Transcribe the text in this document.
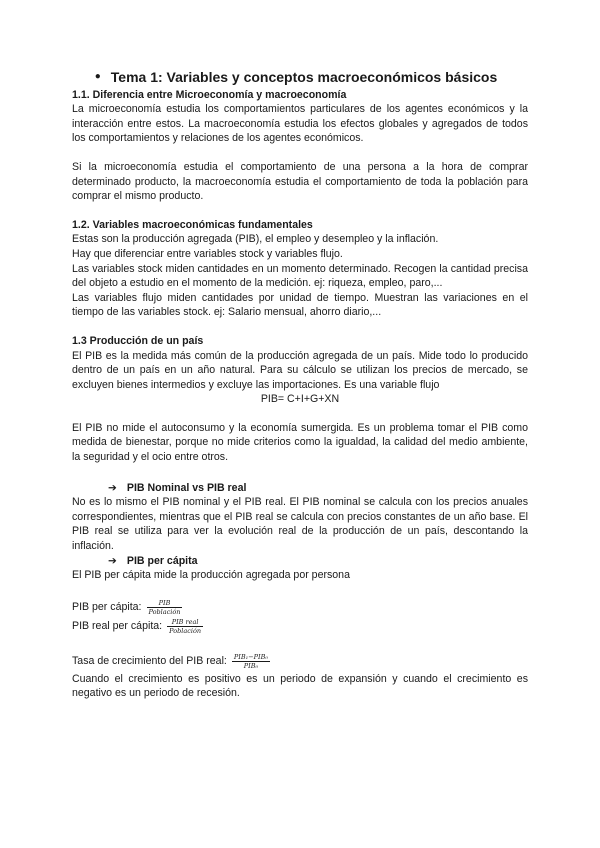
● Tema 1: Variables y conceptos macroeconómicos básicos
1.1. Diferencia entre Microeconomía y macroeconomía

La microeconomía estudia los comportamientos particulares de los agentes económicos y la interacción entre estos. La macroeconomía estudia los efectos globales y agregados de todos los comportamientos y relaciones de los agentes económicos.

Si la microeconomía estudia el comportamiento de una persona a la hora de comprar determinado producto, la macroeconomía estudia el comportamiento de toda la población para comprar el mismo producto.

1.2. Variables macroeconómicas fundamentales

Estas son la producción agregada (PIB), el empleo y desempleo y la inflación.

Hay que diferenciar entre variables stock y variables flujo.

Las variables stock miden cantidades en un momento determinado. Recogen la cantidad precisa del objeto a estudio en el momento de la medición. ej: riqueza, empleo, paro,...

Las variables flujo miden cantidades por unidad de tiempo. Muestran las variaciones en el tiempo de las variables stock. ej: Salario mensual, ahorro diario,...

1.3 Producción de un país

El PIB es la medida más común de la producción agregada de un país. Mide todo lo producido dentro de un país en un año natural. Para su cálculo se utilizan los precios de mercado, se excluyen bienes intermedios y excluye las importaciones. Es una variable flujo

PIB= C+I+G+XN

El PIB no mide el autoconsumo y la economía sumergida. Es un problema tomar el PIB como medida de bienestar, porque no mide criterios como la igualdad, la calidad del medio ambiente, la seguridad y el ocio entre otros.

➔ PIB Nominal vs PIB real

No es lo mismo el PIB nominal y el PIB real. El PIB nominal se calcula con los precios anuales correspondientes, mientras que el PIB real se calcula con precios constantes de un año base. El PIB real se utiliza para ver la evolución real de la producción de un país, descontando la inflación.

➔ PIB per cápita

El PIB per cápita mide la producción agregada por persona

PIB per cápita: $\frac{\text{PIB}}{\text{Población}}$
PIB real per cápita: $\frac{\text{PIB real}}{\text{Población}}$
Tasa de crecimiento del PIB real: $\frac{\text{PIB₁−PIB₀}}{\text{PIB₀}}$

Cuando el crecimiento es positivo es un periodo de expansión y cuando el crecimiento es negativo es un periodo de recesión.
